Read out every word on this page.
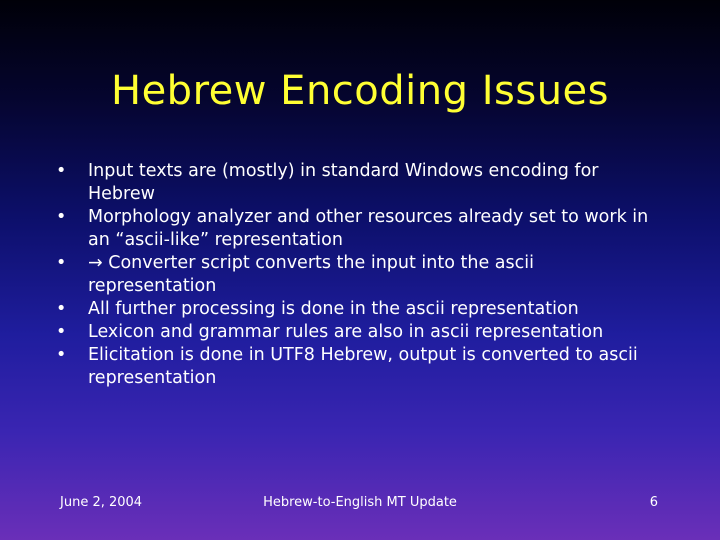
Hebrew Encoding Issues
•	Input texts are (mostly) in standard Windows encoding for Hebrew
•	Morphology analyzer and other resources already set to work in an “ascii-like” representation
•	→ Converter script converts the input into the ascii representation
•	All further processing is done in the ascii representation
•	Lexicon and grammar rules are also in ascii representation
•	Elicitation is done in UTF8 Hebrew, output is converted to ascii representation
June 2, 2004	Hebrew-to-English MT Update	6
